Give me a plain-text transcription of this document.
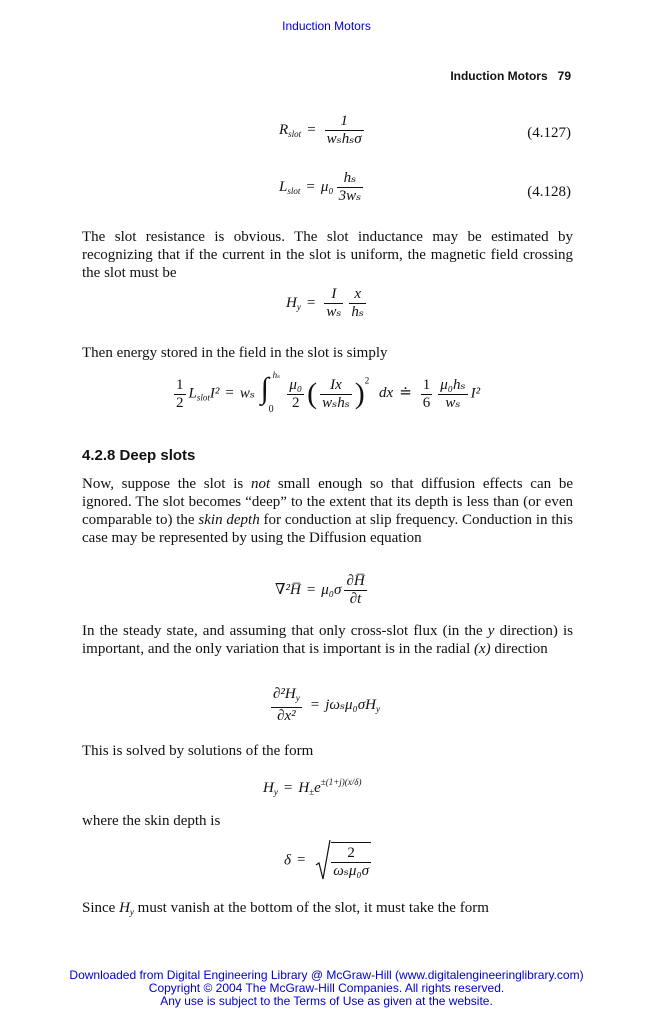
Induction Motors
Induction Motors 79
$R_{slot} = \frac{1}{\text{wₛhₛσ}}$	(4.127)
$L_{slot} = \mu_0 \frac{\text{hₛ}}{\text{3wₛ}}$	(4.128)

The slot resistance is obvious. The slot inductance may be estimated by recognizing that if the current in the slot is uniform, the magnetic field crossing the slot must be

$H_y = \frac{I}{\text{wₛ}} \frac{x}{\text{hₛ}}$

Then energy stored in the field in the slot is simply

$\frac{1}{2} L_{slot}I^2 = w_s$ ∫ hₛ
0
$\frac{\text{μ₀}}{2}$ ( $\frac{Ix}{\text{wₛhₛ}} )^2$ dx ≐ $\frac{1}{6} \frac{\text{μ₀hₛ}}{\text{wₛ}} I^2$
4.2.8 Deep slots

Now, suppose the slot is not small enough so that diffusion effects can be ignored. The slot becomes “deep” to the extent that its depth is less than (or even comparable to) the skin depth for conduction at slip frequency. Conduction in this case may be represented by using the Diffusion equation

∇²H̅ = $\mu_0\sigma \frac{\partial H̅}{\partial t}$

In the steady state, and assuming that only cross-slot flux (in the y direction) is important, and the only variation that is important is in the radial (x) direction

$\frac{\partial^2H_y}{\text{∂x²}} = j\omega_s\mu_0\sigma H_y$

This is solved by solutions of the form

$H_y = H_\pm e^{\pm(1+j)(x/\delta)}$

where the skin depth is

$\delta = \frac{2}{\text{ωₛμ₀σ}}$

Since $H_y$ must vanish at the bottom of the slot, it must take the form

Downloaded from Digital Engineering Library @ McGraw-Hill (www.digitalengineeringlibrary.com)
Copyright © 2004 The McGraw-Hill Companies. All rights reserved.
Any use is subject to the Terms of Use as given at the website.
